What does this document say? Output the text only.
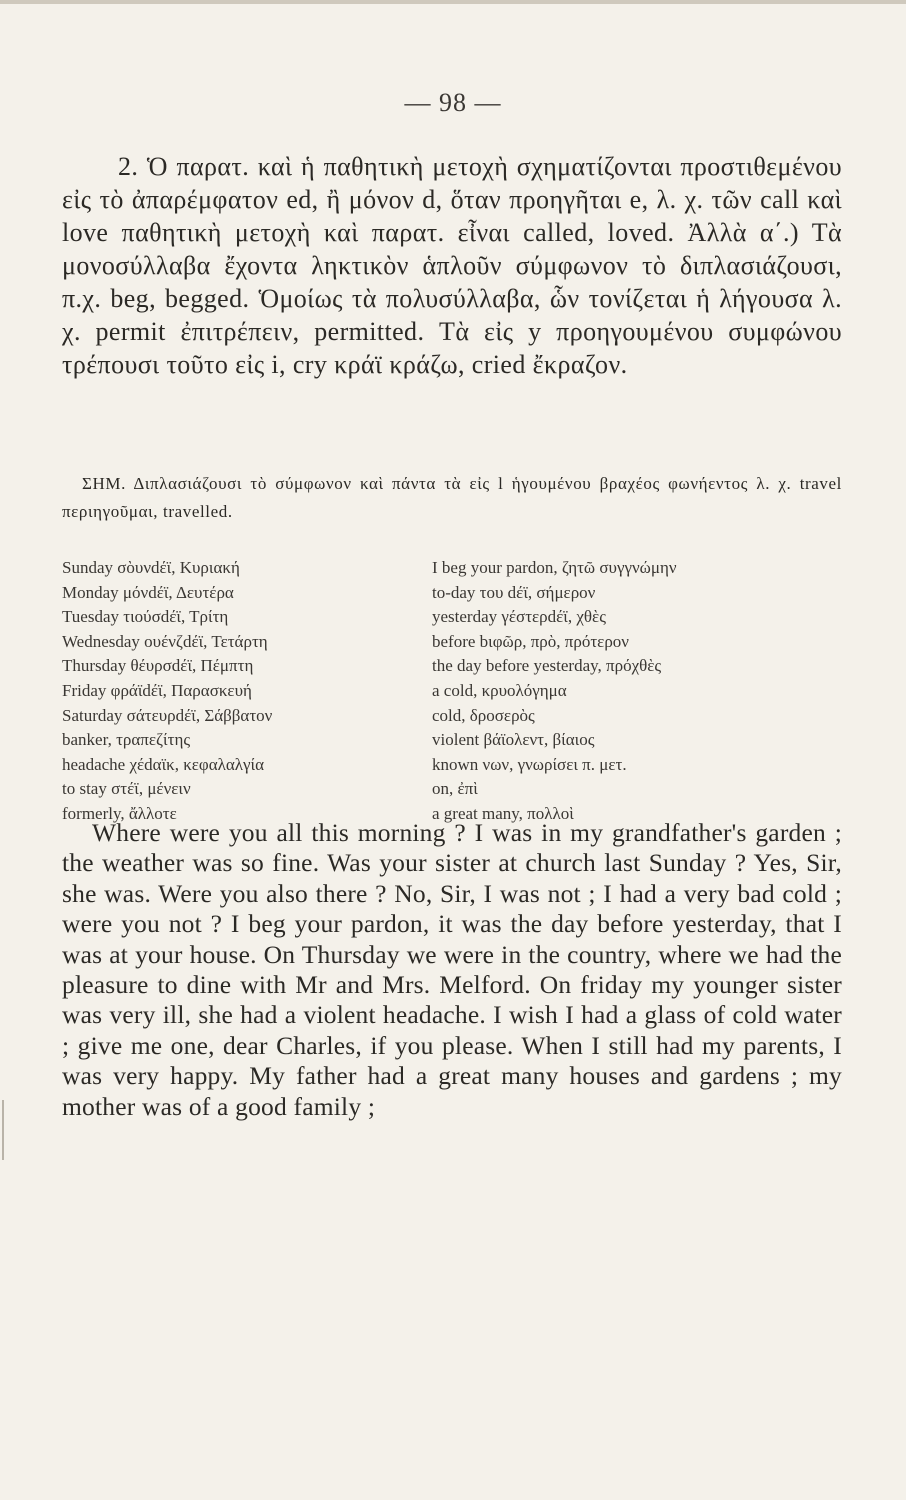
— 98 —

2. Ὁ παρατ. καὶ ἡ παθητικὴ μετοχὴ σχηματίζονται προστιθεμένου εἰς τὸ ἀπαρέμφατον ed, ἢ μόνον d, ὅταν προηγῆται e, λ. χ. τῶν call καὶ love παθητικὴ μετοχὴ καὶ παρατ. εἶναι called, loved. Ἀλλὰ α΄.) Τὰ μονοσύλλαβα ἔχοντα ληκτικὸν ἁπλοῦν σύμφωνον τὸ διπλασιάζουσι, π.χ. beg, begged. Ὁμοίως τὰ πολυσύλλαβα, ὧν τονίζεται ἡ λήγουσα λ. χ. permit ἐπιτρέπειν, permitted. Τὰ εἰς y προηγουμένου συμφώνου τρέπουσι τοῦτο εἰς i, cry κράϊ κράζω, cried ἔκραζον.

ΣΗΜ. Διπλασιάζουσι τὸ σύμφωνον καὶ πάντα τὰ εἰς l ἡγουμένου βραχέος φωνήεντος λ. χ. travel περιηγοῦμαι, travelled.

Sunday σὸυνdέϊ, Κυριακή
Monday μόνdέϊ, Δευτέρα
Tuesday τιούσdέϊ, Τρίτη
Wednesday ουένζdέϊ, Τετάρτη
Thursday θέυρσdέϊ, Πέμπτη
Friday φράϊdέϊ, Παρασκευή
Saturday σάτευρdέϊ, Σάββατον
banker, τραπεζίτης
headache χέdαϊκ, κεφαλαλγία
to stay στέϊ, μένειν
formerly, ἄλλοτε
I beg your pardon, ζητῶ συγγνώμην
to-day του dέϊ, σήμερον
yesterday γέστερdέϊ, χθὲς
before bιφῶρ, πρὸ, πρότερον
the day before yesterday, πρόχθὲς
a cold, κρυολόγημα
cold, δροσερὸς
violent βάϊολεντ, βίαιος
known νων, γνωρίσει π. μετ.
on, ἐπὶ
a great many, πολλοὶ

Where were you all this morning ? I was in my grandfather's garden ; the weather was so fine. Was your sister at church last Sunday ? Yes, Sir, she was. Were you also there ? No, Sir, I was not ; I had a very bad cold ; were you not ? I beg your pardon, it was the day before yesterday, that I was at your house. On Thursday we were in the country, where we had the pleasure to dine with Mr and Mrs. Melford. On friday my younger sister was very ill, she had a violent headache. I wish I had a glass of cold water ; give me one, dear Charles, if you please. When I still had my parents, I was very happy. My father had a great many houses and gardens ; my mother was of a good family ;
